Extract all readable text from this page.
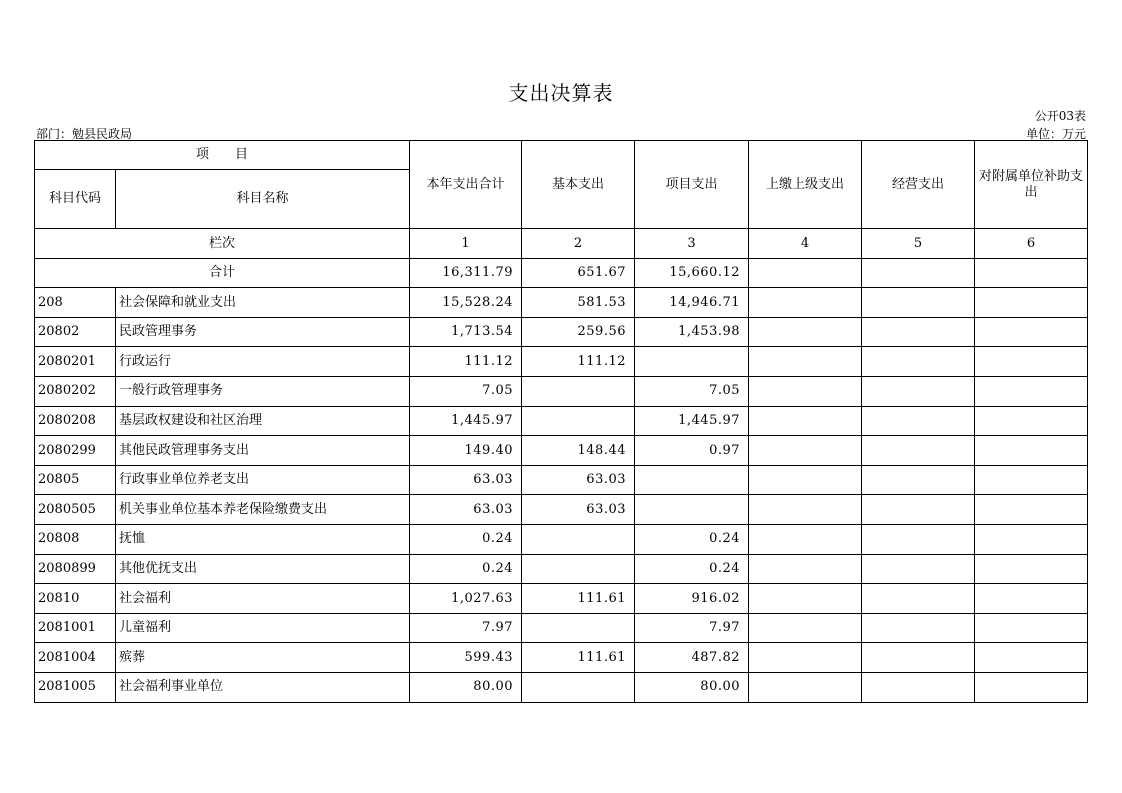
支出决算表
公开03表
部门：勉县民政局	单位：万元
项　　目		本年支出合计	基本支出	项目支出	上缴上级支出	经营支出	对附属单位补助支出
科目代码	科目名称						
栏次		1	2	3	4	5	6
合计		16,311.79	651.67	15,660.12			
208	社会保障和就业支出	15,528.24	581.53	14,946.71			
20802	民政管理事务	1,713.54	259.56	1,453.98			
2080201	行政运行	111.12	111.12				
2080202	一般行政管理事务	7.05		7.05			
2080208	基层政权建设和社区治理	1,445.97		1,445.97			
2080299	其他民政管理事务支出	149.40	148.44	0.97			
20805	行政事业单位养老支出	63.03	63.03				
2080505	机关事业单位基本养老保险缴费支出	63.03	63.03				
20808	抚恤	0.24		0.24			
2080899	其他优抚支出	0.24		0.24			
20810	社会福利	1,027.63	111.61	916.02			
2081001	儿童福利	7.97		7.97			
2081004	殡葬	599.43	111.61	487.82			
2081005	社会福利事业单位	80.00		80.00			
